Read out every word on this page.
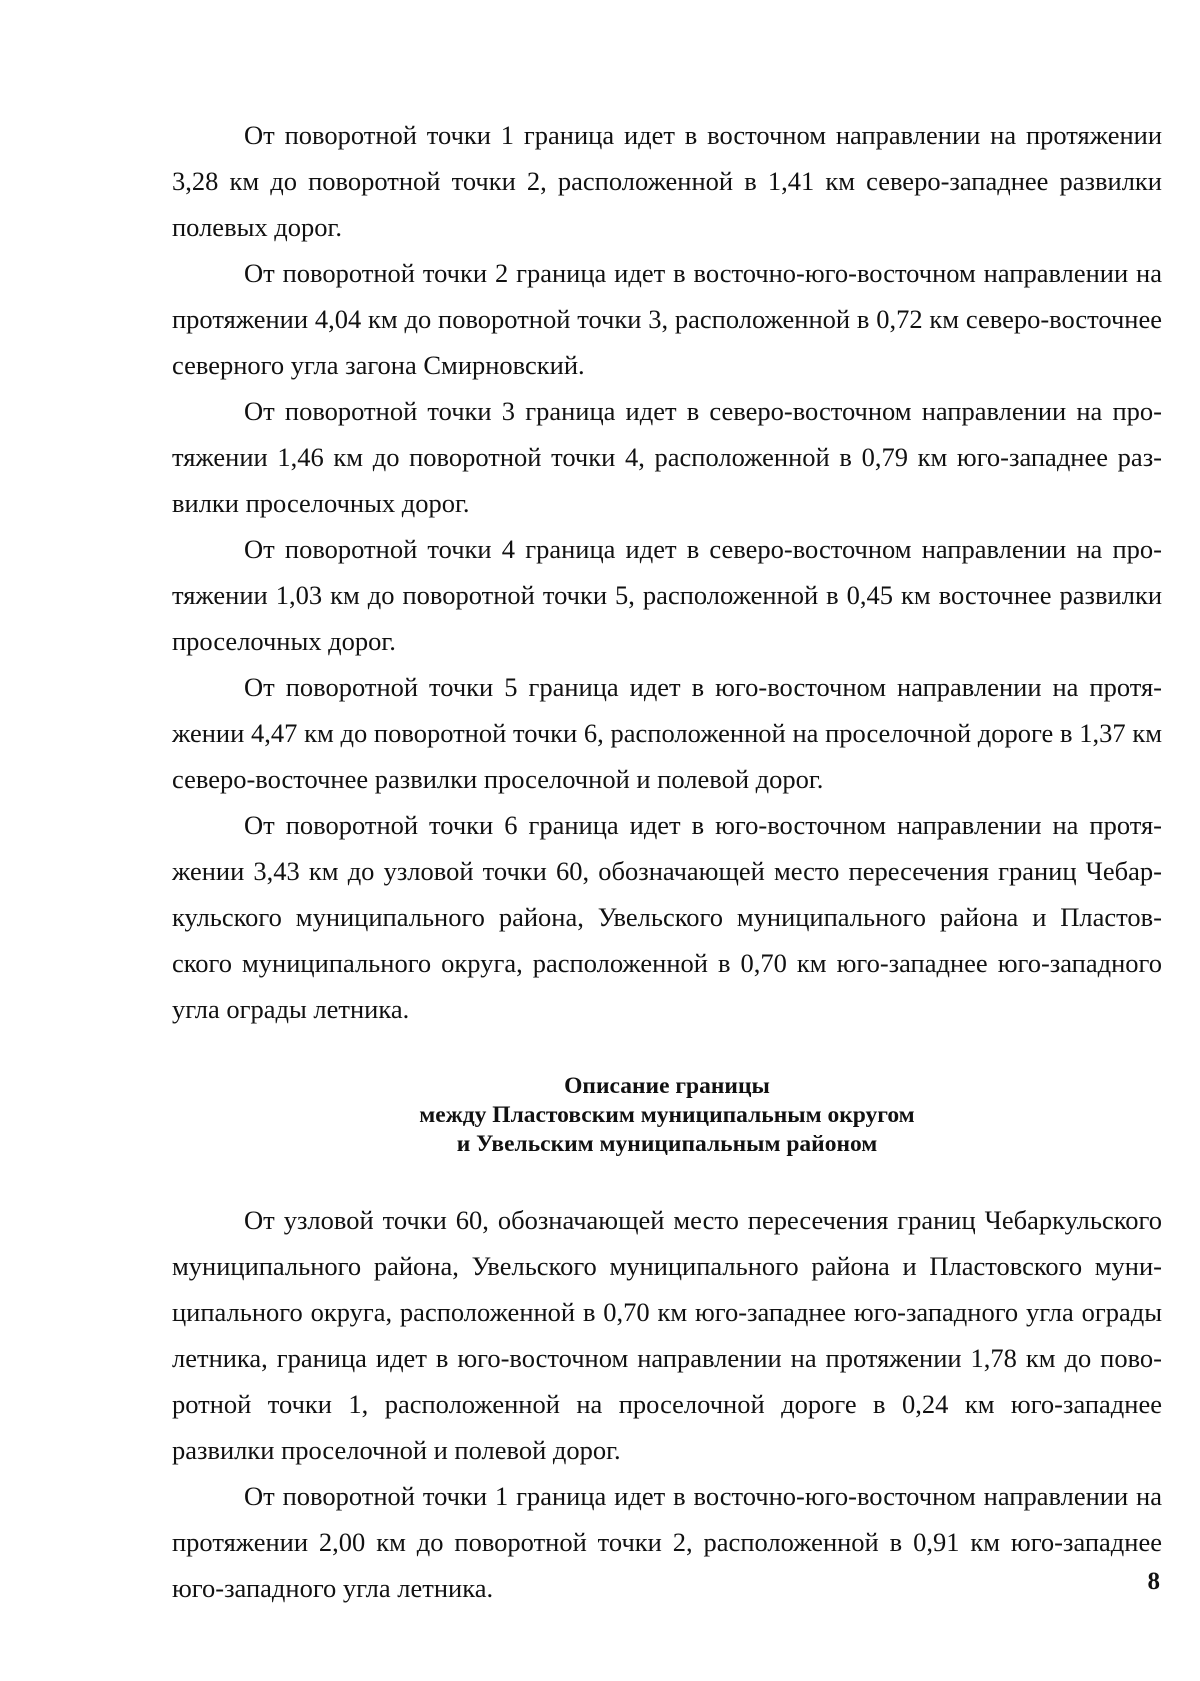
От поворотной точки 1 граница идет в восточном направлении на протяжении 3,28 км до поворотной точки 2, расположенной в 1,41 км северо-западнее развилки полевых дорог.

От поворотной точки 2 граница идет в восточно-юго-восточном направлении на протяжении 4,04 км до поворотной точки 3, расположенной в 0,72 км северо-восточнее северного угла загона Смирновский.

От поворотной точки 3 граница идет в северо-восточном направлении на протяжении 1,46 км до поворотной точки 4, расположенной в 0,79 км юго-западнее развилки проселочных дорог.

От поворотной точки 4 граница идет в северо-восточном направлении на протяжении 1,03 км до поворотной точки 5, расположенной в 0,45 км восточнее развилки проселочных дорог.

От поворотной точки 5 граница идет в юго-восточном направлении на протяжении 4,47 км до поворотной точки 6, расположенной на проселочной дороге в 1,37 км северо-восточнее развилки проселочной и полевой дорог.

От поворотной точки 6 граница идет в юго-восточном направлении на протяжении 3,43 км до узловой точки 60, обозначающей место пересечения границ Чебаркульского муниципального района, Увельского муниципального района и Пластовского муниципального округа, расположенной в 0,70 км юго-западнее юго-западного угла ограды летника.

Описание границы
между Пластовским муниципальным округом
и Увельским муниципальным районом

От узловой точки 60, обозначающей место пересечения границ Чебаркульского муниципального района, Увельского муниципального района и Пластовского муниципального округа, расположенной в 0,70 км юго-западнее юго-западного угла ограды летника, граница идет в юго-восточном направлении на протяжении 1,78 км до поворотной точки 1, расположенной на проселочной дороге в 0,24 км юго-западнее развилки проселочной и полевой дорог.

От поворотной точки 1 граница идет в восточно-юго-восточном направлении на протяжении 2,00 км до поворотной точки 2, расположенной в 0,91 км юго-западнее юго-западного угла летника.	8
